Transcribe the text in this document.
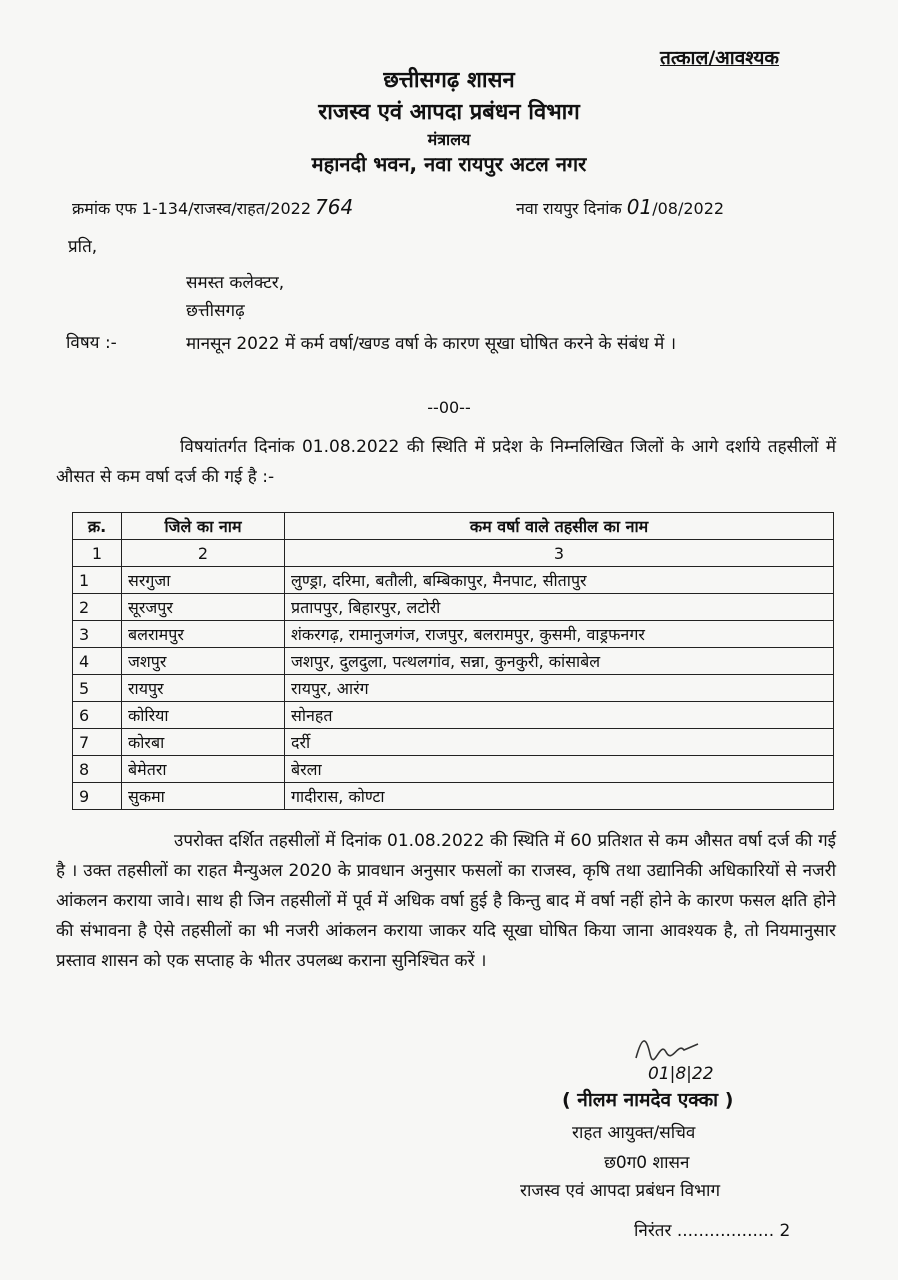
तत्काल/आवश्यक
छत्तीसगढ़ शासन
राजस्व एवं आपदा प्रबंधन विभाग
मंत्रालय
महानदी भवन, नवा रायपुर अटल नगर
क्रमांक एफ 1-134/राजस्व/राहत/2022 764	नवा रायपुर दिनांक 01/08/2022
प्रति,
समस्त कलेक्टर,
छत्तीसगढ़
विषय :-	मानसून 2022 में कर्म वर्षा/खण्ड वर्षा के कारण सूखा घोषित करने के संबंध में ।
--00--
विषयांतर्गत दिनांक 01.08.2022 की स्थिति में प्रदेश के निम्नलिखित जिलों के आगे दर्शाये तहसीलों में औसत से कम वर्षा दर्ज की गई है :-
क्र.	जिले का नाम	कम वर्षा वाले तहसील का नाम
1	2	3
1	सरगुजा	लुण्ड्रा, दरिमा, बतौली, बम्बिकापुर, मैनपाट, सीतापुर
2	सूरजपुर	प्रतापपुर, बिहारपुर, लटोरी
3	बलरामपुर	शंकरगढ़, रामानुजगंज, राजपुर, बलरामपुर, कुसमी, वाड्रफनगर
4	जशपुर	जशपुर, दुलदुला, पत्थलगांव, सन्ना, कुनकुरी, कांसाबेल
5	रायपुर	रायपुर, आरंग
6	कोरिया	सोनहत
7	कोरबा	दर्री
8	बेमेतरा	बेरला
9	सुकमा	गादीरास, कोण्टा
उपरोक्त दर्शित तहसीलों में दिनांक 01.08.2022 की स्थिति में 60 प्रतिशत से कम औसत वर्षा दर्ज की गई है । उक्त तहसीलों का राहत मैन्युअल 2020 के प्रावधान अनुसार फसलों का राजस्व, कृषि तथा उद्यानिकी अधिकारियों से नजरी आंकलन कराया जावे। साथ ही जिन तहसीलों में पूर्व में अधिक वर्षा हुई है किन्तु बाद में वर्षा नहीं होने के कारण फसल क्षति होने की संभावना है ऐसे तहसीलों का भी नजरी आंकलन कराया जाकर यदि सूखा घोषित किया जाना आवश्यक है, तो नियमानुसार प्रस्ताव शासन को एक सप्ताह के भीतर उपलब्ध कराना सुनिश्चित करें ।
01|8|22
( नीलम नामदेव एक्का )
राहत आयुक्त/सचिव
छ0ग0 शासन
राजस्व एवं आपदा प्रबंधन विभाग
निरंतर .................. 2
